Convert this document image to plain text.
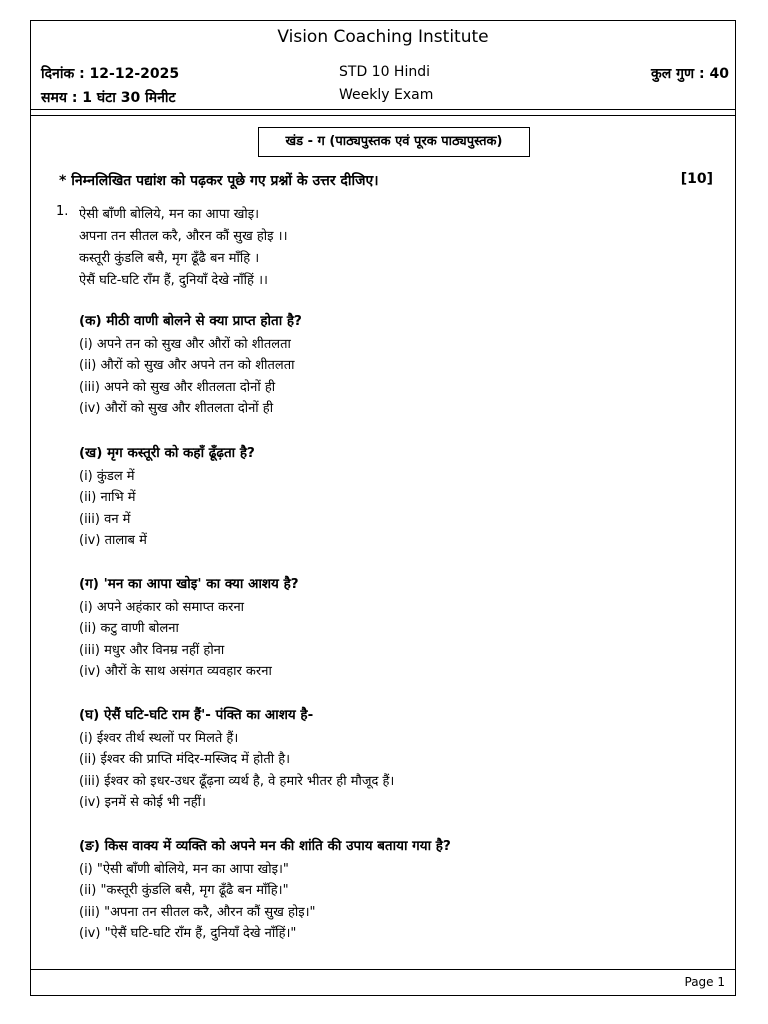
Vision Coaching Institute
दिनांक : 12-12-2025
समय : 1 घंटा 30 मिनीट
STD 10 Hindi
Weekly Exam
कुल गुण : 40
खंड - ग (पाठ्यपुस्तक एवं पूरक पाठ्यपुस्तक)
* निम्नलिखित पद्यांश को पढ़कर पूछे गए प्रश्नों के उत्तर दीजिए।	[10]
1. ऐसी बाँणी बोलिये, मन का आपा खोइ।
अपना तन सीतल करै, औरन कौं सुख होइ ।।
कस्तूरी कुंडलि बसै, मृग ढूँढै बन माँहि ।
ऐसैं घटि-घटि राँम हैं, दुनियाँ देखे नाँहिं ।।
(क) मीठी वाणी बोलने से क्या प्राप्त होता है?
(i) अपने तन को सुख और औरों को शीतलता
(ii) औरों को सुख और अपने तन को शीतलता
(iii) अपने को सुख और शीतलता दोनों ही
(iv) औरों को सुख और शीतलता दोनों ही
(ख) मृग कस्तूरी को कहाँ ढूँढ़ता है?
(i) कुंडल में
(ii) नाभि में
(iii) वन में
(iv) तालाब में
(ग) 'मन का आपा खोइ' का क्या आशय है?
(i) अपने अहंकार को समाप्त करना
(ii) कटु वाणी बोलना
(iii) मधुर और विनम्र नहीं होना
(iv) औरों के साथ असंगत व्यवहार करना
(घ) ऐसैं घटि-घटि राम हैं'- पंक्ति का आशय है-
(i) ईश्वर तीर्थ स्थलों पर मिलते हैं।
(ii) ईश्वर की प्राप्ति मंदिर-मस्जिद में होती है।
(iii) ईश्वर को इधर-उधर ढूँढ़ना व्यर्थ है, वे हमारे भीतर ही मौजूद हैं।
(iv) इनमें से कोई भी नहीं।
(ङ) किस वाक्य में व्यक्ति को अपने मन की शांति की उपाय बताया गया है?
(i) "ऐसी बाँणी बोलिये, मन का आपा खोइ।"
(ii) "कस्तूरी कुंडलि बसै, मृग ढूँढै बन माँहि।"
(iii) "अपना तन सीतल करै, औरन कौं सुख होइ।"
(iv) "ऐसैं घटि-घटि राँम हैं, दुनियाँ देखे नाँहिं।"
Page 1
